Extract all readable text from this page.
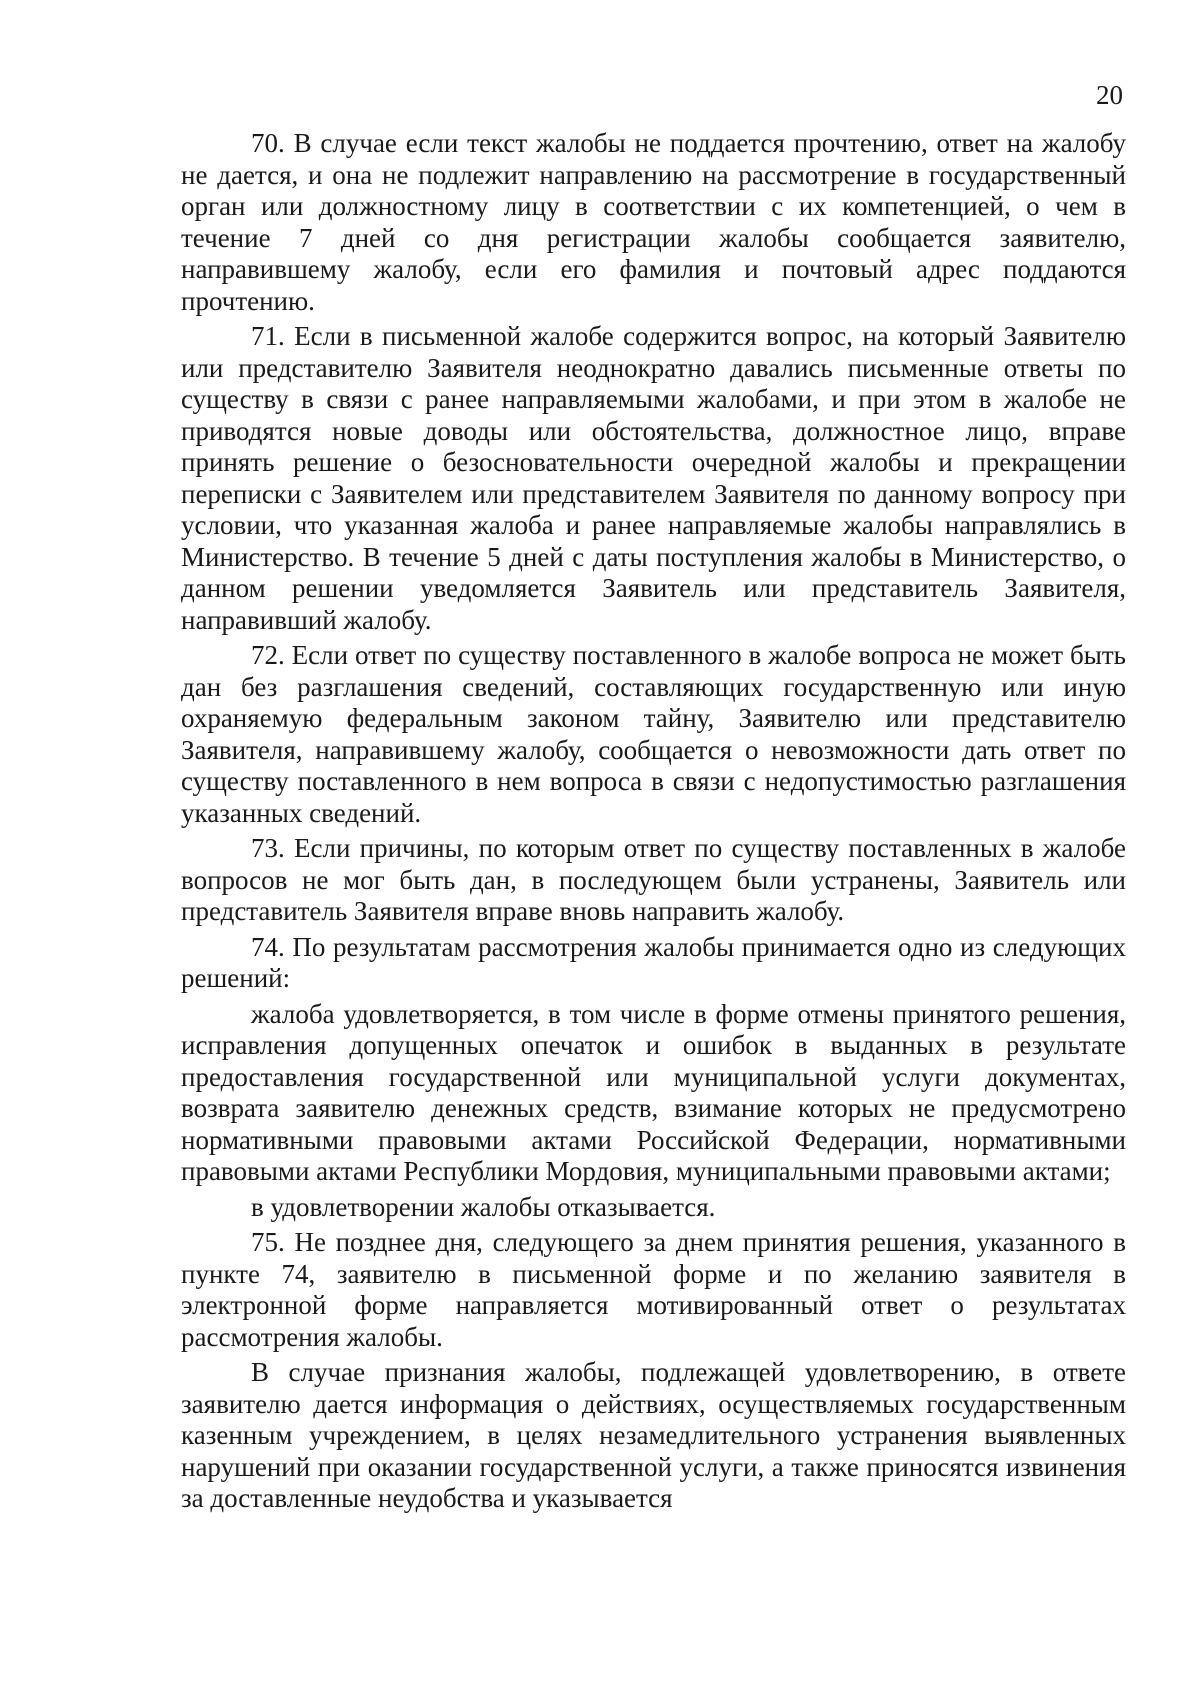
20

70. В случае если текст жалобы не поддается прочтению, ответ на жалобу не дается, и она не подлежит направлению на рассмотрение в государственный орган или должностному лицу в соответствии с их компетенцией, о чем в течение 7 дней со дня регистрации жалобы сообщается заявителю, направившему жалобу, если его фамилия и почтовый адрес поддаются прочтению.

71. Если в письменной жалобе содержится вопрос, на который Заявителю или представителю Заявителя неоднократно давались письменные ответы по существу в связи с ранее направляемыми жалобами, и при этом в жалобе не приводятся новые доводы или обстоятельства, должностное лицо, вправе принять решение о безосновательности очередной жалобы и прекращении переписки с Заявителем или представителем Заявителя по данному вопросу при условии, что указанная жалоба и ранее направляемые жалобы направлялись в Министерство. В течение 5 дней с даты поступления жалобы в Министерство, о данном решении уведомляется Заявитель или представитель Заявителя, направивший жалобу.

72. Если ответ по существу поставленного в жалобе вопроса не может быть дан без разглашения сведений, составляющих государственную или иную охраняемую федеральным законом тайну, Заявителю или представителю Заявителя, направившему жалобу, сообщается о невозможности дать ответ по существу поставленного в нем вопроса в связи с недопустимостью разглашения указанных сведений.

73. Если причины, по которым ответ по существу поставленных в жалобе вопросов не мог быть дан, в последующем были устранены, Заявитель или представитель Заявителя вправе вновь направить жалобу.

74. По результатам рассмотрения жалобы принимается одно из следующих решений:

жалоба удовлетворяется, в том числе в форме отмены принятого решения, исправления допущенных опечаток и ошибок в выданных в результате предоставления государственной или муниципальной услуги документах, возврата заявителю денежных средств, взимание которых не предусмотрено нормативными правовыми актами Российской Федерации, нормативными правовыми актами Республики Мордовия, муниципальными правовыми актами;

в удовлетворении жалобы отказывается.

75. Не позднее дня, следующего за днем принятия решения, указанного в пункте 74, заявителю в письменной форме и по желанию заявителя в электронной форме направляется мотивированный ответ о результатах рассмотрения жалобы.

В случае признания жалобы, подлежащей удовлетворению, в ответе заявителю дается информация о действиях, осуществляемых государственным казенным учреждением, в целях незамедлительного устранения выявленных нарушений при оказании государственной услуги, а также приносятся извинения за доставленные неудобства и указывается
